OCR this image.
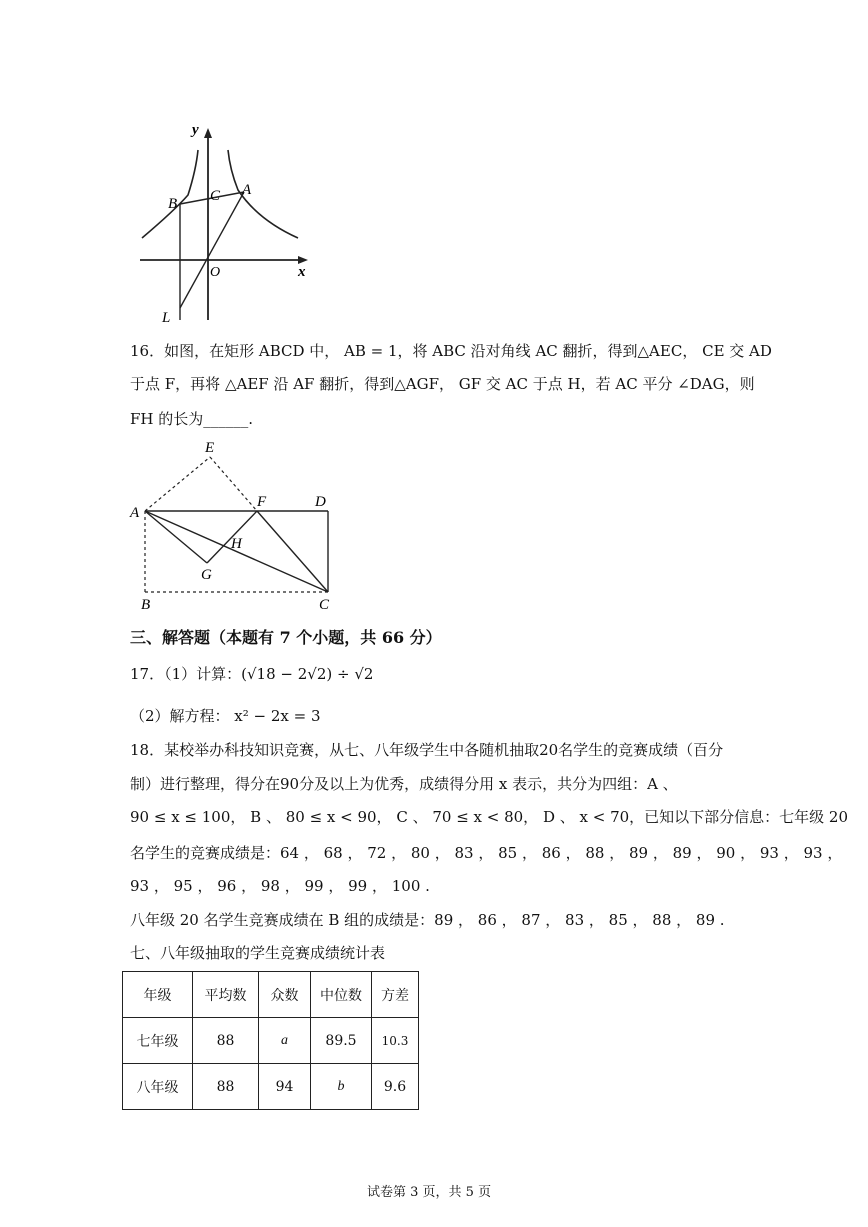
y
x
B C A
O
L
16．如图，在矩形 ABCD 中， AB = 1，将 ABC 沿对角线 AC 翻折，得到△AEC， CE 交 AD
于点 F，再将 △AEF 沿 AF 翻折，得到△AGF， GF 交 AC 于点 H，若 AC 平分 ∠DAG，则
FH 的长为______.
E
A
F	D
H
G
B	C
三、解答题（本题有 7 个小题，共 66 分）
17．（1）计算：(√18 − 2√2) ÷ √2
（2）解方程： x² − 2x = 3
18．某校举办科技知识竞赛，从七、八年级学生中各随机抽取20名学生的竞赛成绩（百分
制）进行整理，得分在90分及以上为优秀，成绩得分用 x 表示，共分为四组：A 、
90 ≤ x ≤ 100， B 、 80 ≤ x < 90， C 、 70 ≤ x < 80， D 、 x < 70，已知以下部分信息：七年级 20
名学生的竞赛成绩是：64 ， 68 ， 72 ， 80 ， 83 ， 85 ， 86 ， 88 ， 89 ， 89 ， 90 ， 93 ， 93 ，
93 ， 95 ， 96 ， 98 ， 99 ， 99 ， 100 .
八年级 20 名学生竞赛成绩在 B 组的成绩是：89 ， 86 ， 87 ， 83 ， 85 ， 88 ， 89 .
七、八年级抽取的学生竞赛成绩统计表
年级	平均数	众数	中位数	方差
七年级	88	a	89.5	10.3
八年级	88	94	b	9.6
试卷第 3 页，共 5 页
